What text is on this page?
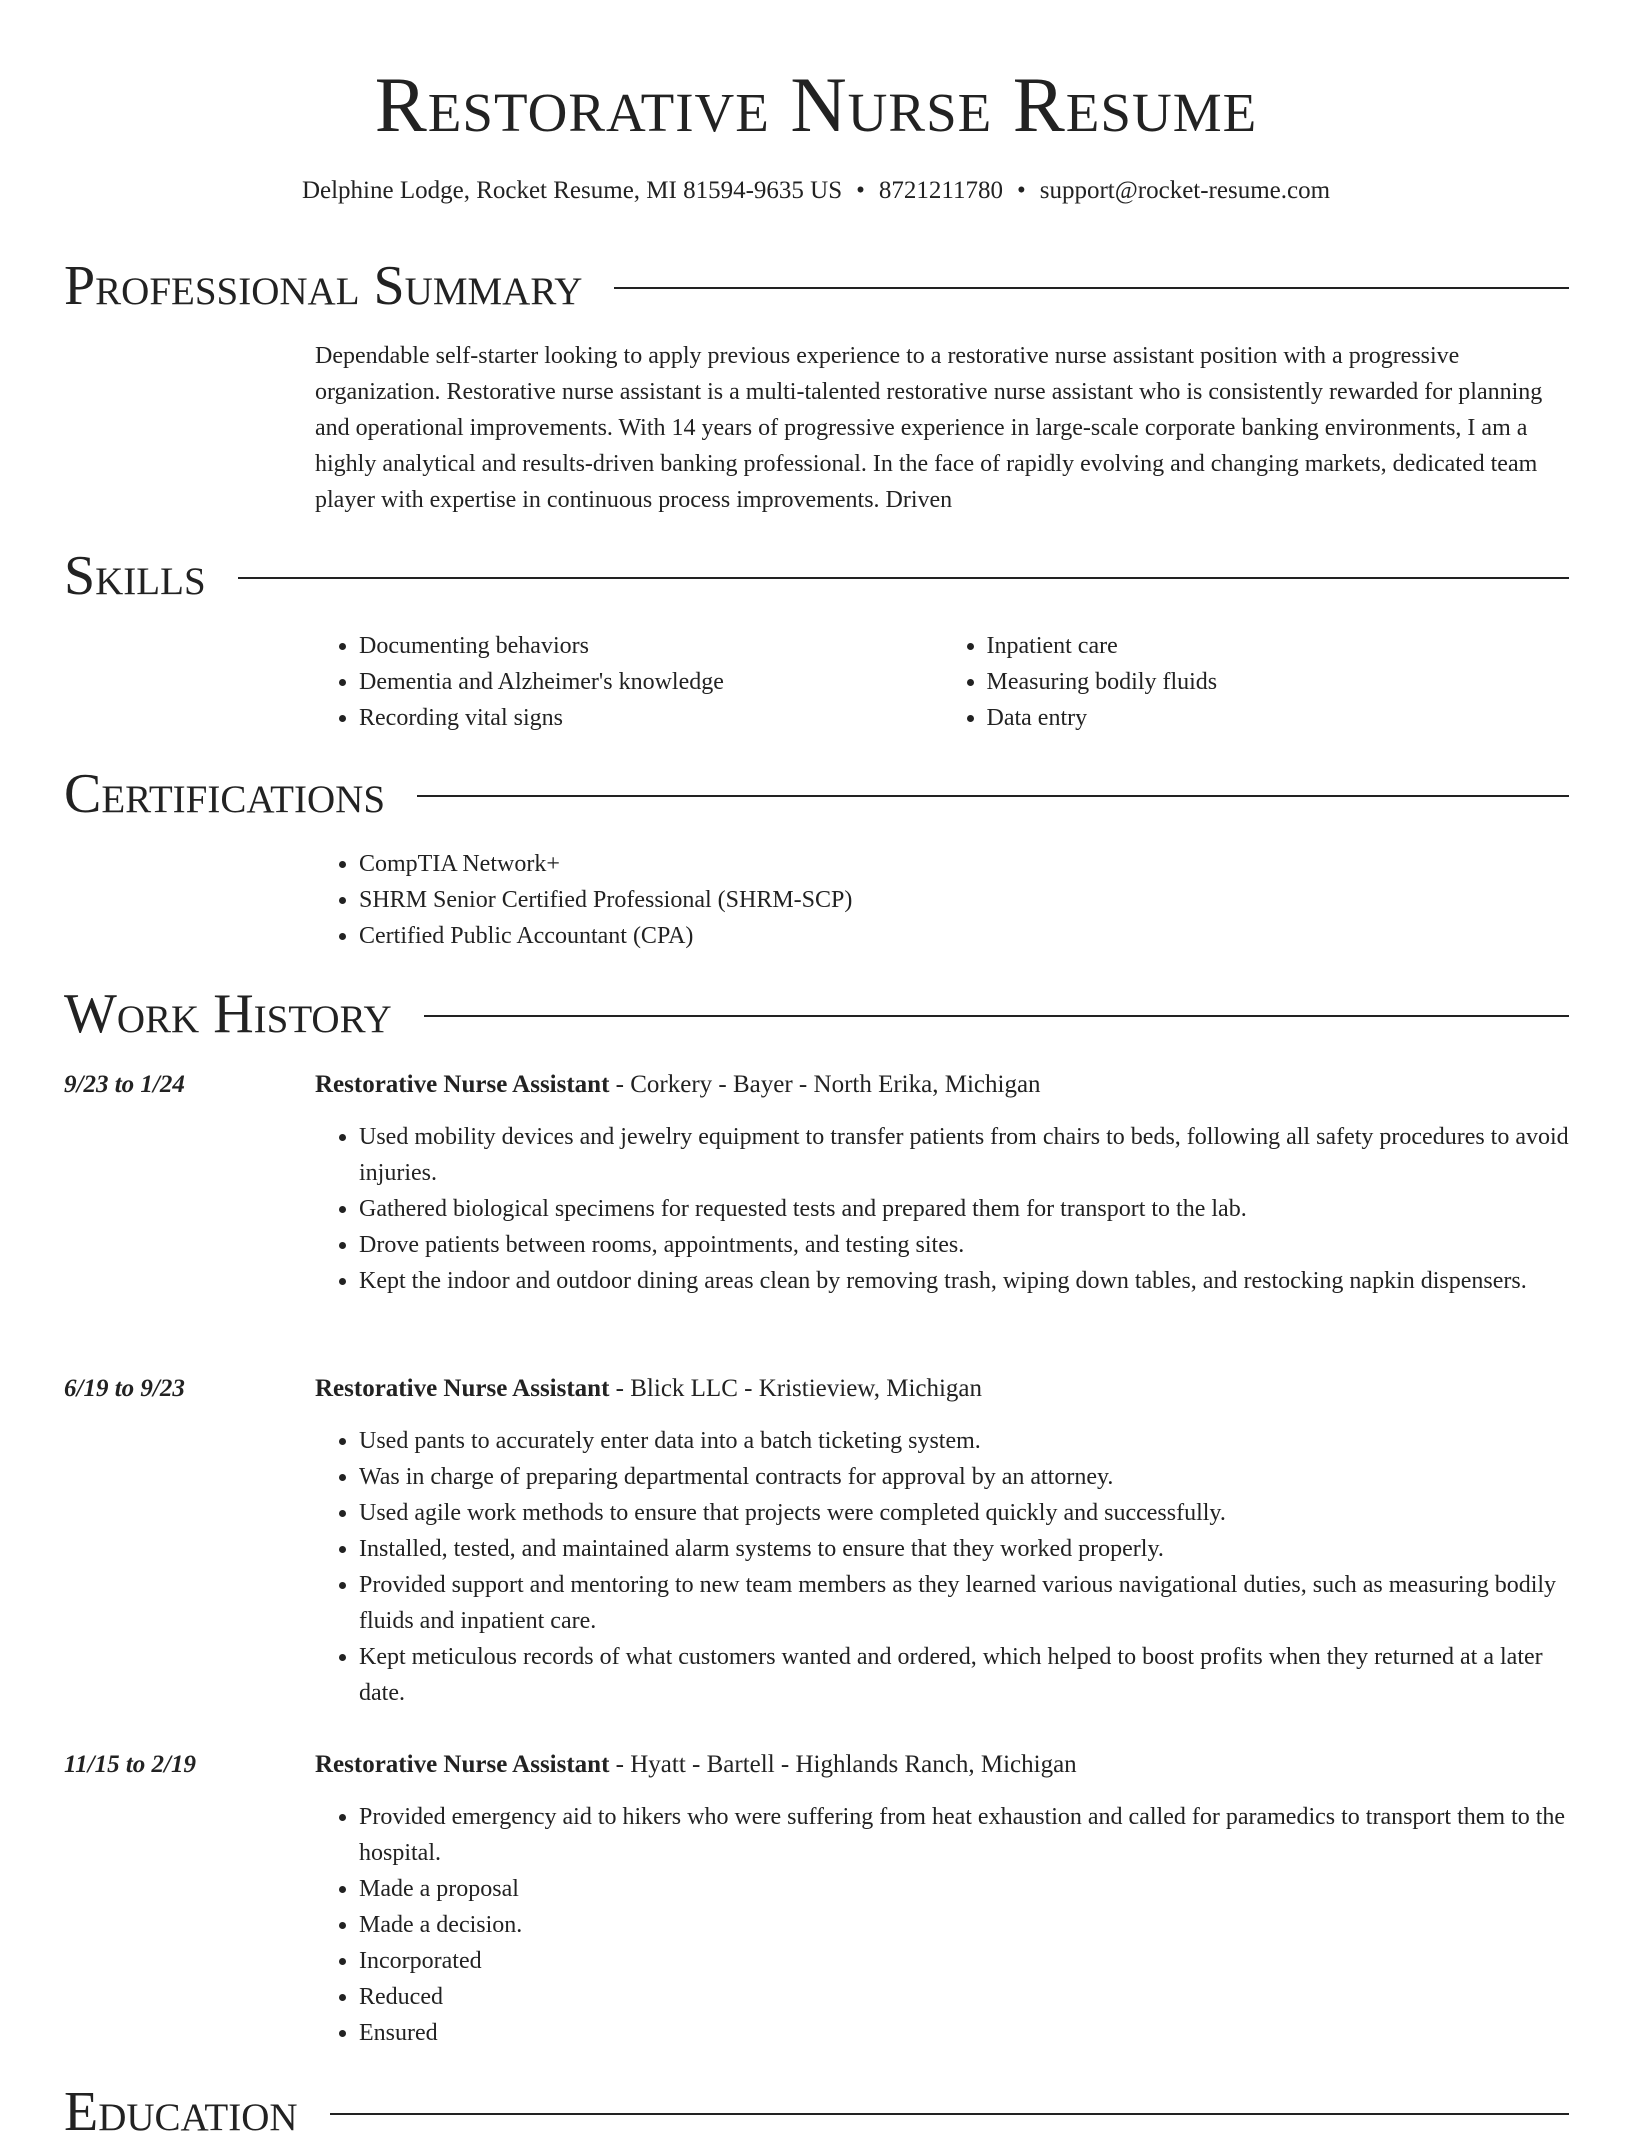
Restorative Nurse Resume
Delphine Lodge, Rocket Resume, MI 81594-9635 US • 8721211780 • support@rocket-resume.com
Professional Summary

Dependable self-starter looking to apply previous experience to a restorative nurse assistant position with a progressive organization. Restorative nurse assistant is a multi-talented restorative nurse assistant who is consistently rewarded for planning and operational improvements. With 14 years of progressive experience in large-scale corporate banking environments, I am a highly analytical and results-driven banking professional. In the face of rapidly evolving and changing markets, dedicated team player with expertise in continuous process improvements. Driven

Skills
• Documenting behaviors
• Dementia and Alzheimer's knowledge
• Recording vital signs
• Inpatient care
• Measuring bodily fluids
• Data entry
Certifications
• CompTIA Network+
• SHRM Senior Certified Professional (SHRM-SCP)
• Certified Public Accountant (CPA)
Work History
9/23 to 1/24	Restorative Nurse Assistant - Corkery - Bayer - North Erika, Michigan
• Used mobility devices and jewelry equipment to transfer patients from chairs to beds, following all safety procedures to avoid injuries.
• Gathered biological specimens for requested tests and prepared them for transport to the lab.
• Drove patients between rooms, appointments, and testing sites.
• Kept the indoor and outdoor dining areas clean by removing trash, wiping down tables, and restocking napkin dispensers.
6/19 to 9/23	Restorative Nurse Assistant - Blick LLC - Kristieview, Michigan
• Used pants to accurately enter data into a batch ticketing system.
• Was in charge of preparing departmental contracts for approval by an attorney.
• Used agile work methods to ensure that projects were completed quickly and successfully.
• Installed, tested, and maintained alarm systems to ensure that they worked properly.
• Provided support and mentoring to new team members as they learned various navigational duties, such as measuring bodily fluids and inpatient care.
• Kept meticulous records of what customers wanted and ordered, which helped to boost profits when they returned at a later date.
11/15 to 2/19	Restorative Nurse Assistant - Hyatt - Bartell - Highlands Ranch, Michigan
• Provided emergency aid to hikers who were suffering from heat exhaustion and called for paramedics to transport them to the hospital.
• Made a proposal
• Made a decision.
• Incorporated
• Reduced
• Ensured
Education
